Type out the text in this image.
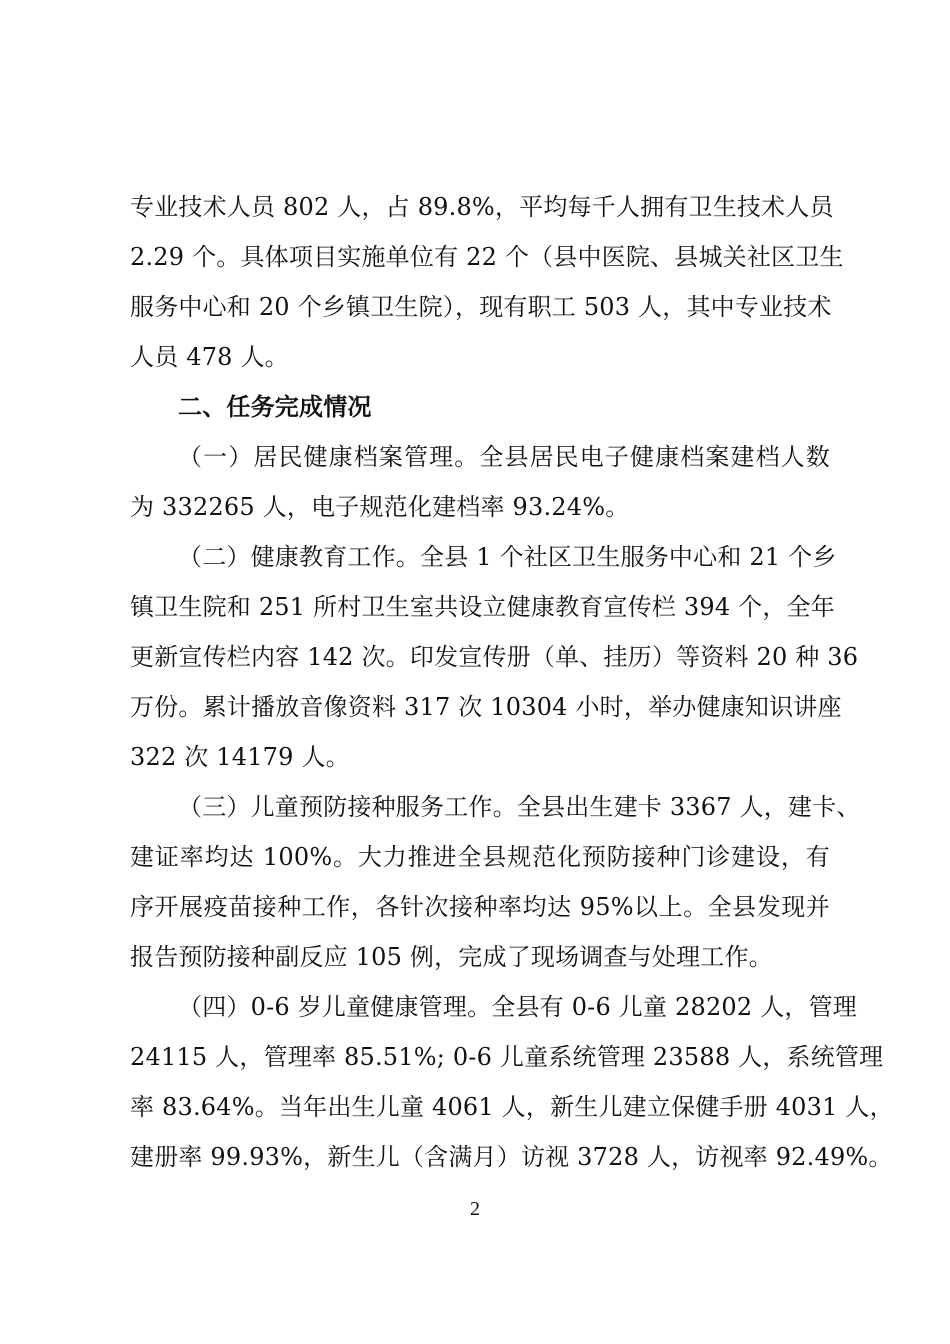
专业技术人员 802 人，占 89.8%，平均每千人拥有卫生技术人员
2.29 个。具体项目实施单位有 22 个（县中医院、县城关社区卫生
服务中心和 20 个乡镇卫生院），现有职工 503 人，其中专业技术
人员 478 人。
二、任务完成情况
（一）居民健康档案管理。全县居民电子健康档案建档人数
为 332265 人，电子规范化建档率 93.24%。
（二）健康教育工作。全县 1 个社区卫生服务中心和 21 个乡
镇卫生院和 251 所村卫生室共设立健康教育宣传栏 394 个，全年
更新宣传栏内容 142 次。印发宣传册（单、挂历）等资料 20 种 36
万份。累计播放音像资料 317 次 10304 小时，举办健康知识讲座
322 次 14179 人。
（三）儿童预防接种服务工作。全县出生建卡 3367 人，建卡、
建证率均达 100%。大力推进全县规范化预防接种门诊建设，有
序开展疫苗接种工作，各针次接种率均达 95%以上。全县发现并
报告预防接种副反应 105 例，完成了现场调查与处理工作。
（四）0-6 岁儿童健康管理。全县有 0-6 儿童 28202 人，管理
24115 人，管理率 85.51%; 0-6 儿童系统管理 23588 人，系统管理
率 83.64%。当年出生儿童 4061 人，新生儿建立保健手册 4031 人，
建册率 99.93%，新生儿（含满月）访视 3728 人，访视率 92.49%。
2
